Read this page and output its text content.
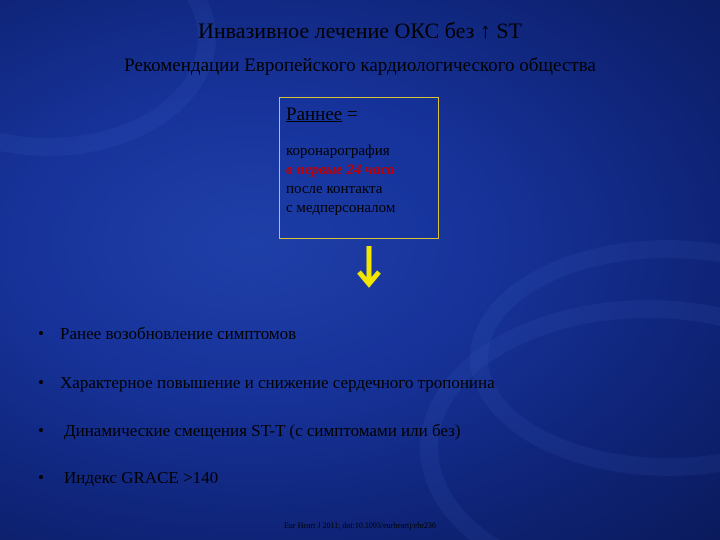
Инвазивное лечение ОКС без ↑ ST
Рекомендации Европейского кардиологического общества
Раннее =
коронарография
в первые 24 часа
после контакта
с медперсоналом
• Ранее возобновление симптомов
• Характерное повышение и снижение сердечного тропонина
• Динамические смещения ST-T (с симптомами или без)
• Индекс GRACE >140
Eur Heart J 2011; doi:10.1093/eurheartj/ehr236
